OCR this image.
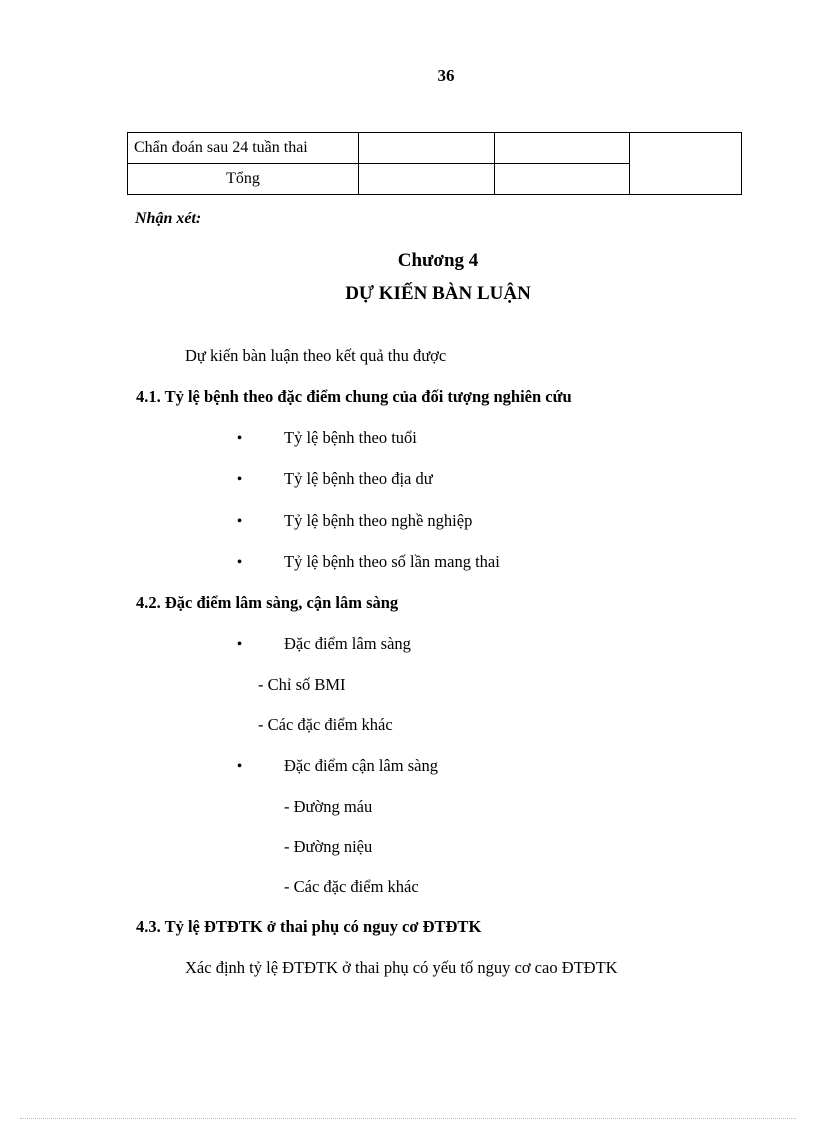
36
Chẩn đoán sau 24 tuần thai			
Tổng			
Nhận xét:
Chương 4
DỰ KIẾN BÀN LUẬN
Dự kiến bàn luận theo kết quả thu được
4.1. Tỷ lệ bệnh theo đặc điểm chung của đối tượng nghiên cứu
•	Tỷ lệ bệnh theo tuổi
•	Tỷ lệ bệnh theo địa dư
•	Tỷ lệ bệnh theo nghề nghiệp
•	Tỷ lệ bệnh theo số lần mang thai
4.2. Đặc điểm lâm sàng, cận lâm sàng
•	Đặc điểm lâm sàng
- Chỉ số BMI
- Các đặc điểm khác
•	Đặc điểm cận lâm sàng
- Đường máu
- Đường niệu
- Các đặc điểm khác
4.3. Tỷ lệ ĐTĐTK ở thai phụ có nguy cơ ĐTĐTK
Xác định tỷ lệ ĐTĐTK ở thai phụ có yếu tố nguy cơ cao ĐTĐTK
